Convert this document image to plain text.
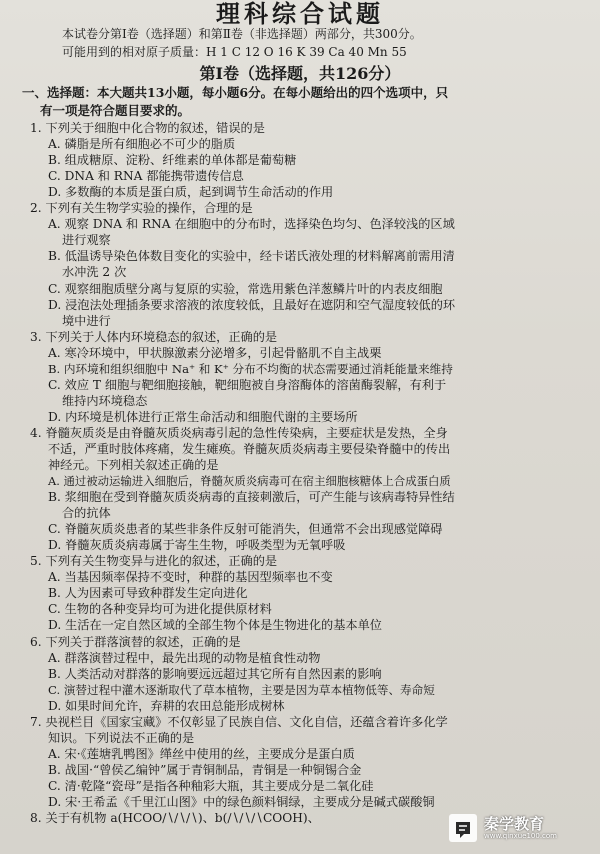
理科综合试题
本试卷分第Ⅰ卷（选择题）和第Ⅱ卷（非选择题）两部分，共300分。
可能用到的相对原子质量：H 1 C 12 O 16 K 39 Ca 40 Mn 55
第Ⅰ卷（选择题，共126分）
一、选择题：本大题共13小题，每小题6分。在每小题给出的四个选项中，只
有一项是符合题目要求的。
1. 下列关于细胞中化合物的叙述，错误的是
A. 磷脂是所有细胞必不可少的脂质
B. 组成糖原、淀粉、纤维素的单体都是葡萄糖
C. DNA 和 RNA 都能携带遗传信息
D. 多数酶的本质是蛋白质，起到调节生命活动的作用
2. 下列有关生物学实验的操作，合理的是
A. 观察 DNA 和 RNA 在细胞中的分布时，选择染色均匀、色泽较浅的区域
进行观察
B. 低温诱导染色体数目变化的实验中，经卡诺氏液处理的材料解离前需用清
水冲洗 2 次
C. 观察细胞质壁分离与复原的实验，常选用紫色洋葱鳞片叶的内表皮细胞
D. 浸泡法处理插条要求溶液的浓度较低，且最好在遮阴和空气湿度较低的环
境中进行
3. 下列关于人体内环境稳态的叙述，正确的是
A. 寒冷环境中，甲状腺激素分泌增多，引起骨骼肌不自主战栗
B. 内环境和组织细胞中 Na⁺ 和 K⁺ 分布不均衡的状态需要通过消耗能量来维持
C. 效应 T 细胞与靶细胞接触，靶细胞被自身溶酶体的溶菌酶裂解，有利于
维持内环境稳态
D. 内环境是机体进行正常生命活动和细胞代谢的主要场所
4. 脊髓灰质炎是由脊髓灰质炎病毒引起的急性传染病，主要症状是发热，全身
不适，严重时肢体疼痛，发生瘫痪。脊髓灰质炎病毒主要侵染脊髓中的传出
神经元。下列相关叙述正确的是
A. 通过被动运输进入细胞后，脊髓灰质炎病毒可在宿主细胞核糖体上合成蛋白质
B. 浆细胞在受到脊髓灰质炎病毒的直接刺激后，可产生能与该病毒特异性结
合的抗体
C. 脊髓灰质炎患者的某些非条件反射可能消失，但通常不会出现感觉障碍
D. 脊髓灰质炎病毒属于寄生生物，呼吸类型为无氧呼吸
5. 下列有关生物变异与进化的叙述，正确的是
A. 当基因频率保持不变时，种群的基因型频率也不变
B. 人为因素可导致种群发生定向进化
C. 生物的各种变异均可为进化提供原材料
D. 生活在一定自然区域的全部生物个体是生物进化的基本单位
6. 下列关于群落演替的叙述，正确的是
A. 群落演替过程中，最先出现的动物是植食性动物
B. 人类活动对群落的影响要远远超过其它所有自然因素的影响
C. 演替过程中灌木逐渐取代了草本植物，主要是因为草本植物低等、寿命短
D. 如果时间允许，弃耕的农田总能形成树林
7. 央视栏目《国家宝藏》不仅彰显了民族自信、文化自信，还蕴含着许多化学
知识。下列说法不正确的是
A. 宋·《莲塘乳鸭图》缂丝中使用的丝，主要成分是蛋白质
B. 战国·“曾侯乙编钟”属于青铜制品，青铜是一种铜锡合金
C. 清·乾隆“瓷母”是指各种釉彩大瓶，其主要成分是二氧化硅
D. 宋·王希孟《千里江山图》中的绿色颜料铜绿，主要成分是碱式碳酸铜
8. 关于有机物 a(HCOO∕∖∕∖∕∖)、b(∕∖∕∖∕∖COOH)、	秦学教育
www.qinxue100.com
